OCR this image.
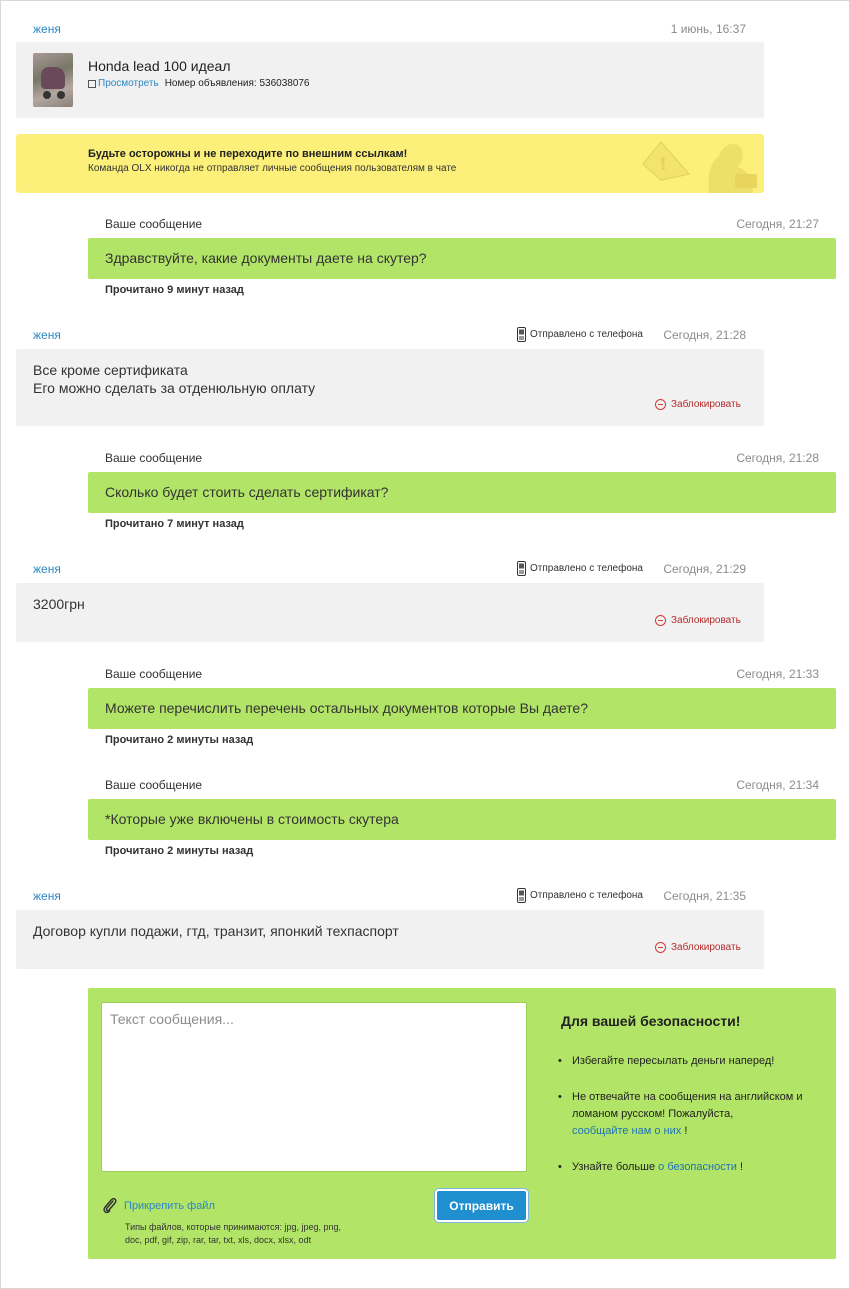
женя	1 июнь, 16:37
Honda lead 100 идеал
Просмотреть Номер объявления: 536038076
Будьте осторожны и не переходите по внешним ссылкам!
Команда OLX никогда не отправляет личные сообщения пользователям в чате	!
Ваше сообщение	Сегодня, 21:27
Здравствуйте, какие документы даете на скутер?
Прочитано 9 минут назад
женя	Отправлено с телефона	Сегодня, 21:28
Все кроме сертификата
Его можно сделать за отденюльную оплату
Заблокировать
Ваше сообщение	Сегодня, 21:28
Сколько будет стоить сделать сертификат?
Прочитано 7 минут назад
женя	Отправлено с телефона	Сегодня, 21:29
3200грн
Заблокировать
Ваше сообщение	Сегодня, 21:33
Можете перечислить перечень остальных документов которые Вы даете?
Прочитано 2 минуты назад
Ваше сообщение	Сегодня, 21:34
*Которые уже включены в стоимость скутера
Прочитано 2 минуты назад
женя	Отправлено с телефона	Сегодня, 21:35
Договор купли подажи, гтд, транзит, японкий техпаспорт
Заблокировать
Текст сообщения...
Отправить
Прикрепить файл
Типы файлов, которые принимаются: jpg, jpeg, png,
doc, pdf, gif, zip, rar, tar, txt, xls, docx, xlsx, odt
Для вашей безопасности!
• Избегайте пересылать деньги наперед!
• Не отвечайте на сообщения на английском и
ломаном русском! Пожалуйста,
сообщайте нам о них !
• Узнайте больше о безопасности !
